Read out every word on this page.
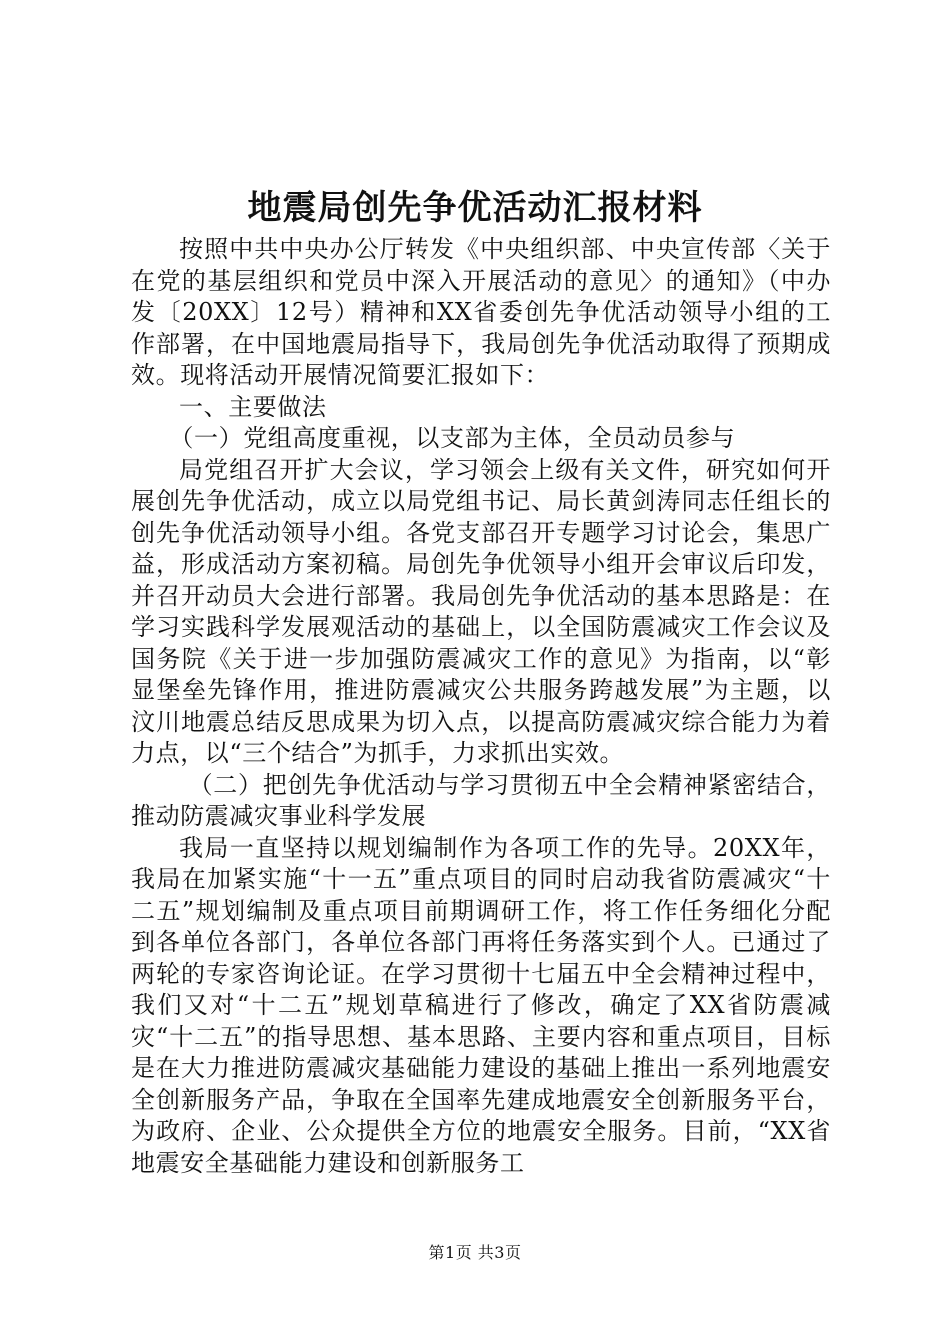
地震局创先争优活动汇报材料

按照中共中央办公厅转发《中央组织部、中央宣传部〈关于在党的基层组织和党员中深入开展活动的意见〉的通知》（中办发〔20XX〕12号）精神和XX省委创先争优活动领导小组的工作部署，在中国地震局指导下，我局创先争优活动取得了预期成效。现将活动开展情况简要汇报如下：

一、主要做法

（一）党组高度重视，以支部为主体，全员动员参与

局党组召开扩大会议，学习领会上级有关文件，研究如何开展创先争优活动，成立以局党组书记、局长黄剑涛同志任组长的创先争优活动领导小组。各党支部召开专题学习讨论会，集思广益，形成活动方案初稿。局创先争优领导小组开会审议后印发，并召开动员大会进行部署。我局创先争优活动的基本思路是：在学习实践科学发展观活动的基础上，以全国防震减灾工作会议及国务院《关于进一步加强防震减灾工作的意见》为指南，以“彰显堡垒先锋作用，推进防震减灾公共服务跨越发展”为主题，以汶川地震总结反思成果为切入点，以提高防震减灾综合能力为着力点，以“三个结合”为抓手，力求抓出实效。

（二）把创先争优活动与学习贯彻五中全会精神紧密结合，推动防震减灾事业科学发展

我局一直坚持以规划编制作为各项工作的先导。20XX年，我局在加紧实施“十一五”重点项目的同时启动我省防震减灾“十二五”规划编制及重点项目前期调研工作，将工作任务细化分配到各单位各部门，各单位各部门再将任务落实到个人。已通过了两轮的专家咨询论证。在学习贯彻十七届五中全会精神过程中，我们又对“十二五”规划草稿进行了修改，确定了XX省防震减灾“十二五”的指导思想、基本思路、主要内容和重点项目，目标是在大力推进防震减灾基础能力建设的基础上推出一系列地震安全创新服务产品，争取在全国率先建成地震安全创新服务平台，为政府、企业、公众提供全方位的地震安全服务。目前，“XX省地震安全基础能力建设和创新服务工

第1页 共3页
